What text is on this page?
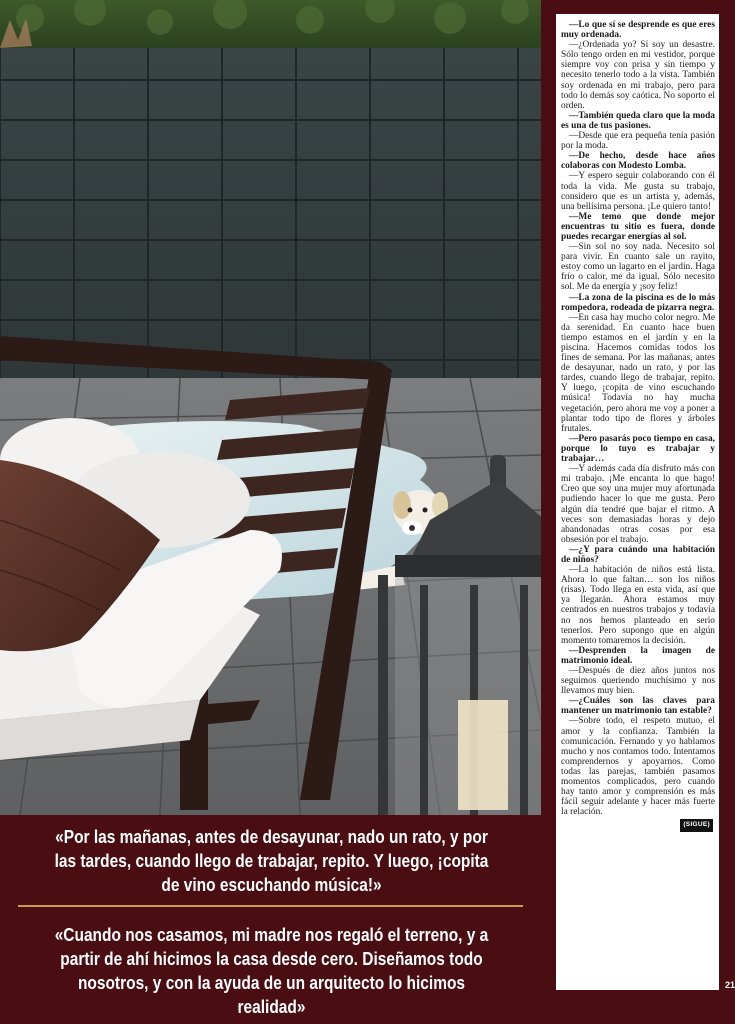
«Por las mañanas, antes de desayunar, nado un rato, y por las tardes, cuando llego de trabajar, repito. Y luego, ¡copita de vino escuchando música!»

«Cuando nos casamos, mi madre nos regaló el terreno, y a partir de ahí hicimos la casa desde cero. Diseñamos todo nosotros, y con la ayuda de un arquitecto lo hicimos realidad»

—Lo que sí se desprende es que eres muy ordenada.

—¿Ordenada yo? Sí soy un desastre. Sólo tengo orden en mi vestidor, porque siempre voy con prisa y sin tiempo y necesito tenerlo todo a la vista. También soy ordenada en mi trabajo, pero para todo lo demás soy caótica. No soporto el orden.

—También queda claro que la moda es una de tus pasiones.

—Desde que era pequeña tenía pasión por la moda.

—De hecho, desde hace años colaboras con Modesto Lomba.

—Y espero seguir colaborando con él toda la vida. Me gusta su trabajo, considero que es un artista y, además, una bellísima persona. ¡Le quiero tanto!

—Me temo que donde mejor encuentras tu sitio es fuera, donde puedes recargar energías al sol.

—Sin sol no soy nada. Necesito sol para vivir. En cuanto sale un rayito, estoy como un lagarto en el jardín. Haga frío o calor, me da igual. Sólo necesito sol. Me da energía y ¡soy feliz!

—La zona de la piscina es de lo más rompedora, rodeada de pizarra negra.

—En casa hay mucho color negro. Me da serenidad. En cuanto hace buen tiempo estamos en el jardín y en la piscina. Hacemos comidas todos los fines de semana. Por las mañanas, antes de desayunar, nado un rato, y por las tardes, cuando llego de trabajar, repito. Y luego, ¡copita de vino escuchando música! Todavía no hay mucha vegetación, pero ahora me voy a poner a plantar todo tipo de flores y árboles frutales.

—Pero pasarás poco tiempo en casa, porque lo tuyo es trabajar y trabajar…

—Y además cada día disfruto más con mi trabajo. ¡Me encanta lo que hago! Creo que soy una mujer muy afortunada pudiendo hacer lo que me gusta. Pero algún día tendré que bajar el ritmo. A veces son demasiadas horas y dejo abandonadas otras cosas por esa obsesión por el trabajo.

—¿Y para cuándo una habitación de niños?

—La habitación de niños está lista. Ahora lo que faltan… son los niños (risas). Todo llega en esta vida, así que ya llegarán. Ahora estamos muy centrados en nuestros trabajos y todavía no nos hemos planteado en serio tenerlos. Pero supongo que en algún momento tomaremos la decisión.

—Desprenden la imagen de matrimonio ideal.

—Después de diez años juntos nos seguimos queriendo muchísimo y nos llevamos muy bien.

—¿Cuáles son las claves para mantener un matrimonio tan estable?

—Sobre todo, el respeto mutuo, el amor y la confianza. También la comunicación. Fernando y yo hablamos mucho y nos contamos todo. Intentamos comprendernos y apoyarnos. Como todas las parejas, también pasamos momentos complicados, pero cuando hay tanto amor y comprensión es más fácil seguir adelante y hacer más fuerte la relación.

(SIGUE)
21
